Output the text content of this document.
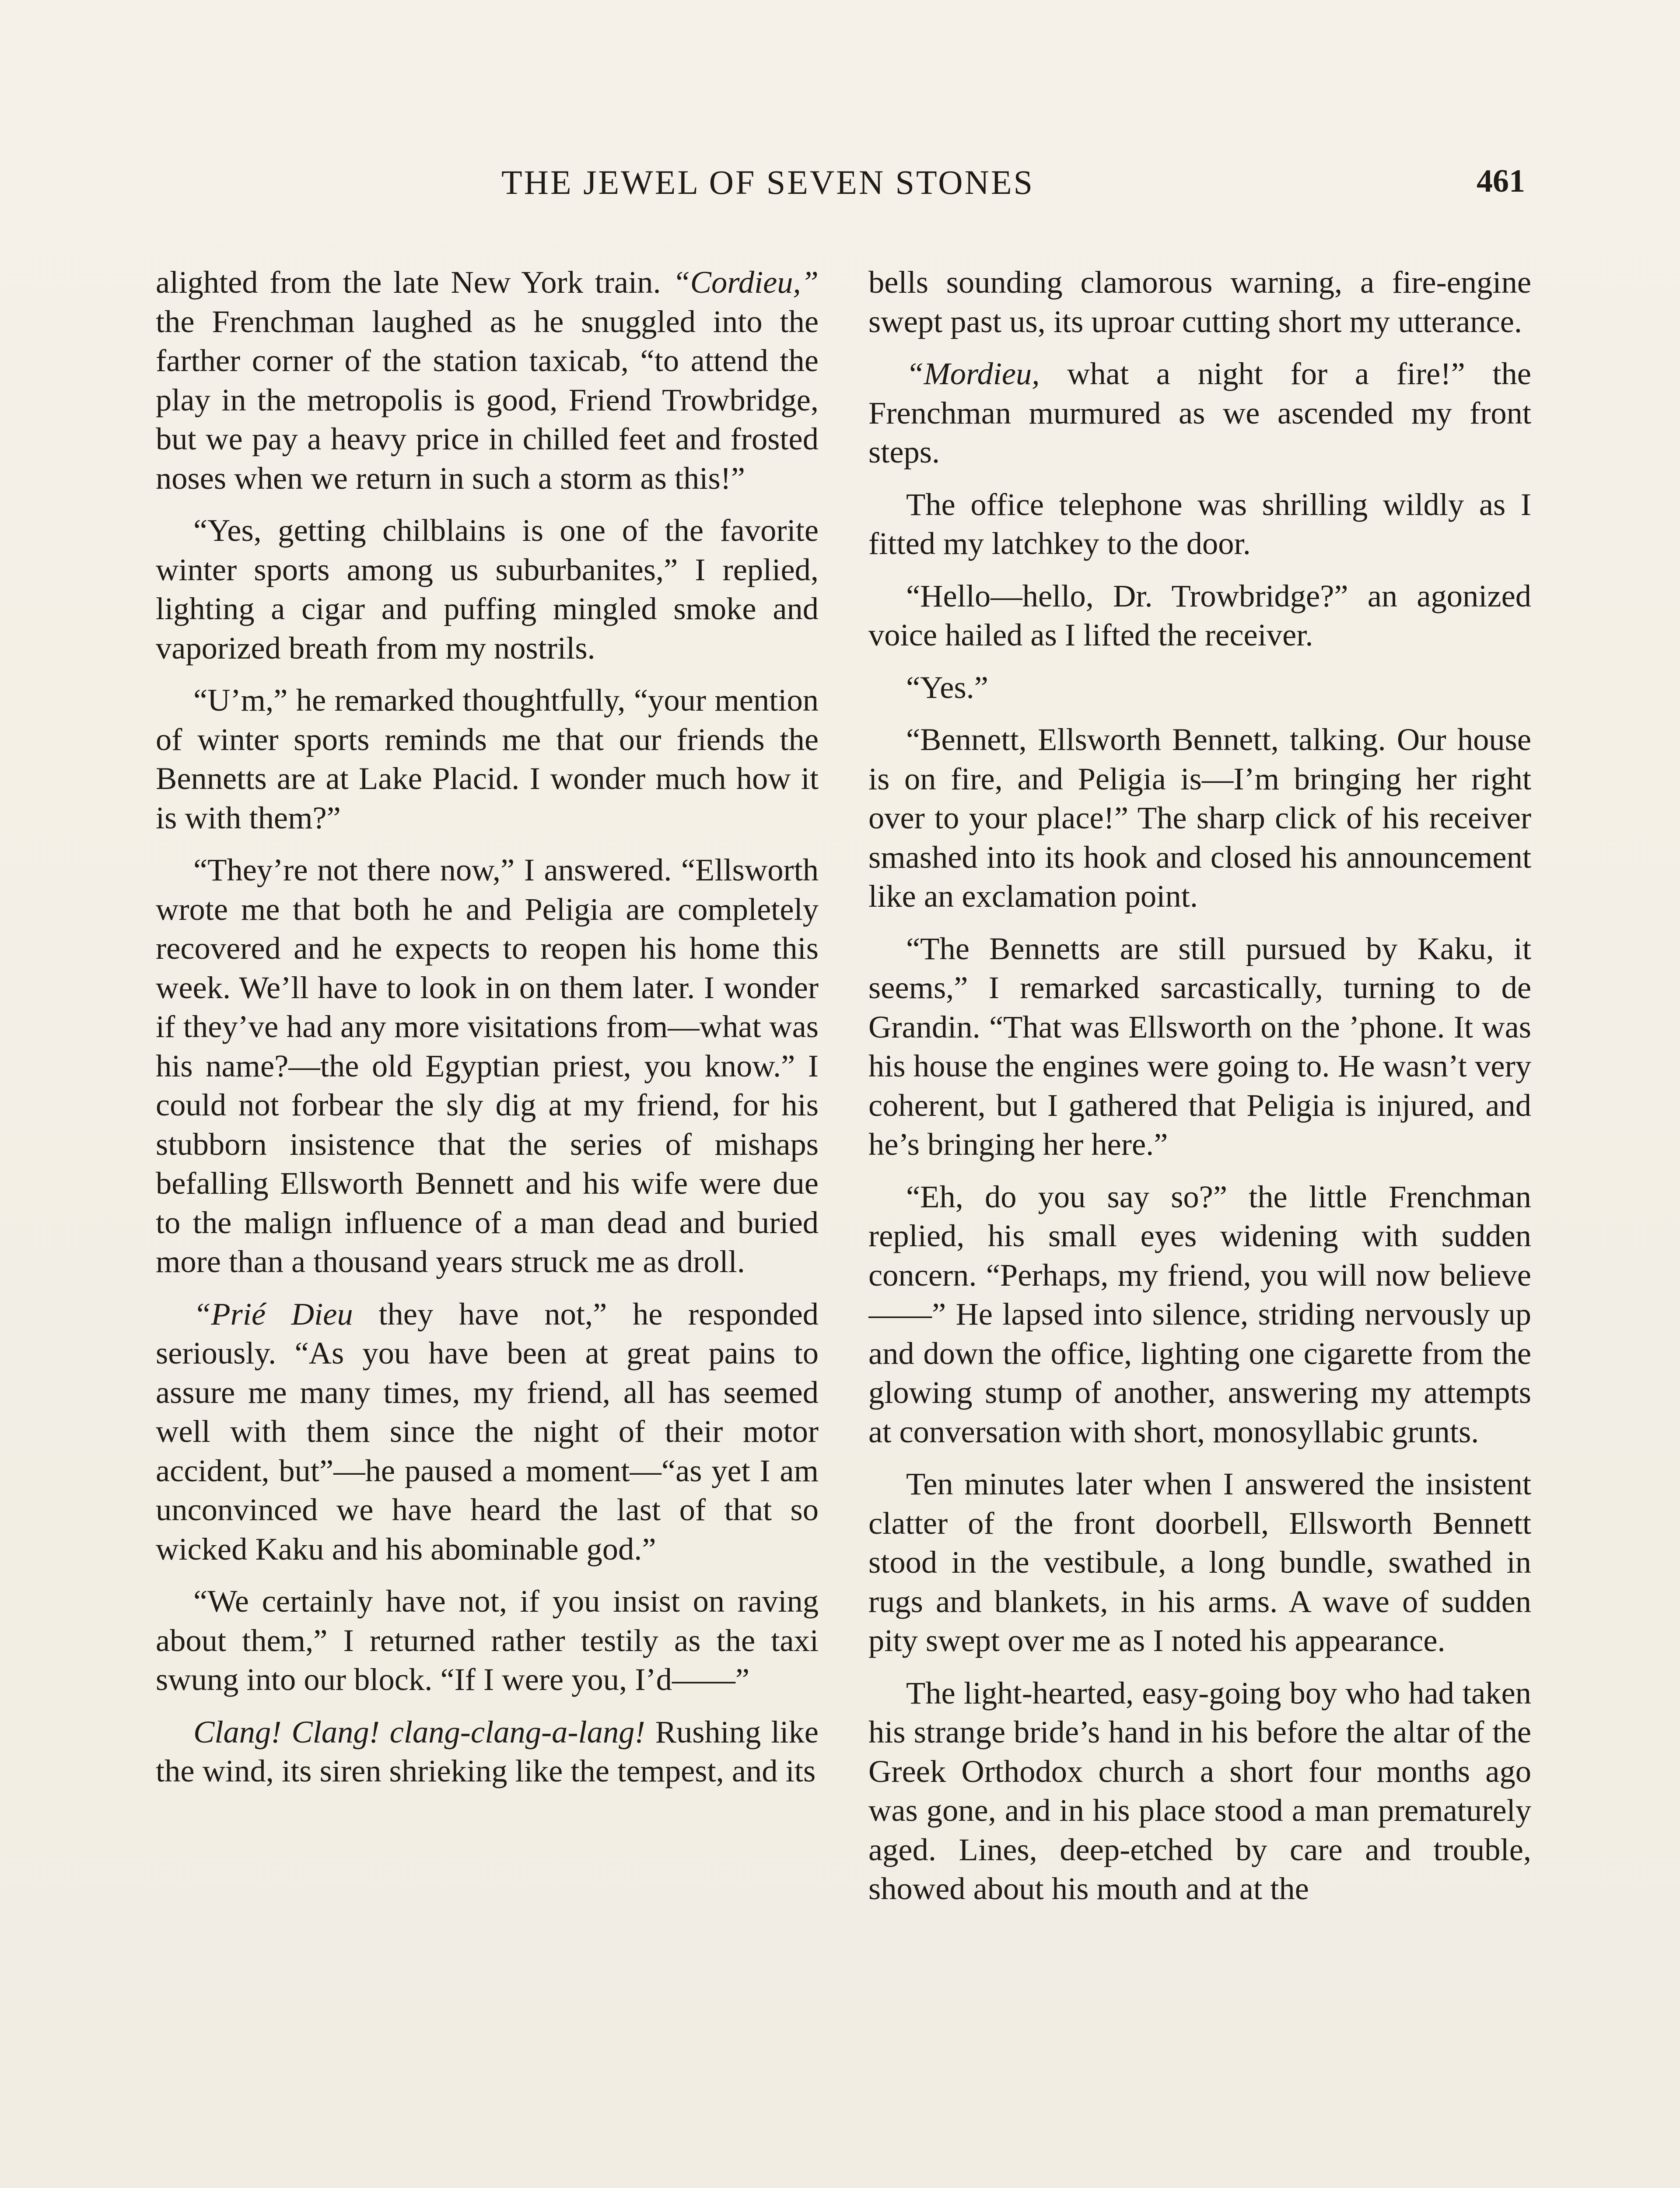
THE JEWEL OF SEVEN STONES	461

alighted from the late New York train. “Cordieu,” the Frenchman laughed as he snuggled into the farther corner of the station taxicab, “to attend the play in the metropolis is good, Friend Trowbridge, but we pay a heavy price in chilled feet and frosted noses when we return in such a storm as this!”

“Yes, getting chilblains is one of the favorite winter sports among us suburbanites,” I replied, lighting a cigar and puffing mingled smoke and vaporized breath from my nostrils.

“U’m,” he remarked thoughtfully, “your mention of winter sports reminds me that our friends the Bennetts are at Lake Placid. I wonder much how it is with them?”

“They’re not there now,” I answered. “Ellsworth wrote me that both he and Peligia are completely recovered and he expects to reopen his home this week. We’ll have to look in on them later. I wonder if they’ve had any more visitations from—what was his name?—the old Egyptian priest, you know.” I could not forbear the sly dig at my friend, for his stubborn insistence that the series of mishaps befalling Ellsworth Bennett and his wife were due to the malign influence of a man dead and buried more than a thousand years struck me as droll.

“Prié Dieu they have not,” he responded seriously. “As you have been at great pains to assure me many times, my friend, all has seemed well with them since the night of their motor accident, but”—he paused a moment—“as yet I am unconvinced we have heard the last of that so wicked Kaku and his abominable god.”

“We certainly have not, if you insist on raving about them,” I returned rather testily as the taxi swung into our block. “If I were you, I’d——”

Clang! Clang! clang-clang-a-lang! Rushing like the wind, its siren shrieking like the tempest, and its

bells sounding clamorous warning, a fire-engine swept past us, its uproar cutting short my utterance.

“Mordieu, what a night for a fire!” the Frenchman murmured as we ascended my front steps.

The office telephone was shrilling wildly as I fitted my latchkey to the door.

“Hello—hello, Dr. Trowbridge?” an agonized voice hailed as I lifted the receiver.

“Yes.”

“Bennett, Ellsworth Bennett, talking. Our house is on fire, and Peligia is—I’m bringing her right over to your place!” The sharp click of his receiver smashed into its hook and closed his announcement like an exclamation point.

“The Bennetts are still pursued by Kaku, it seems,” I remarked sarcastically, turning to de Grandin. “That was Ellsworth on the ’phone. It was his house the engines were going to. He wasn’t very coherent, but I gathered that Peligia is injured, and he’s bringing her here.”

“Eh, do you say so?” the little Frenchman replied, his small eyes widening with sudden concern. “Perhaps, my friend, you will now believe——” He lapsed into silence, striding nervously up and down the office, lighting one cigarette from the glowing stump of another, answering my attempts at conversation with short, monosyllabic grunts.

Ten minutes later when I answered the insistent clatter of the front doorbell, Ellsworth Bennett stood in the vestibule, a long bundle, swathed in rugs and blankets, in his arms. A wave of sudden pity swept over me as I noted his appearance.

The light-hearted, easy-going boy who had taken his strange bride’s hand in his before the altar of the Greek Orthodox church a short four months ago was gone, and in his place stood a man prematurely aged. Lines, deep-etched by care and trouble, showed about his mouth and at the
